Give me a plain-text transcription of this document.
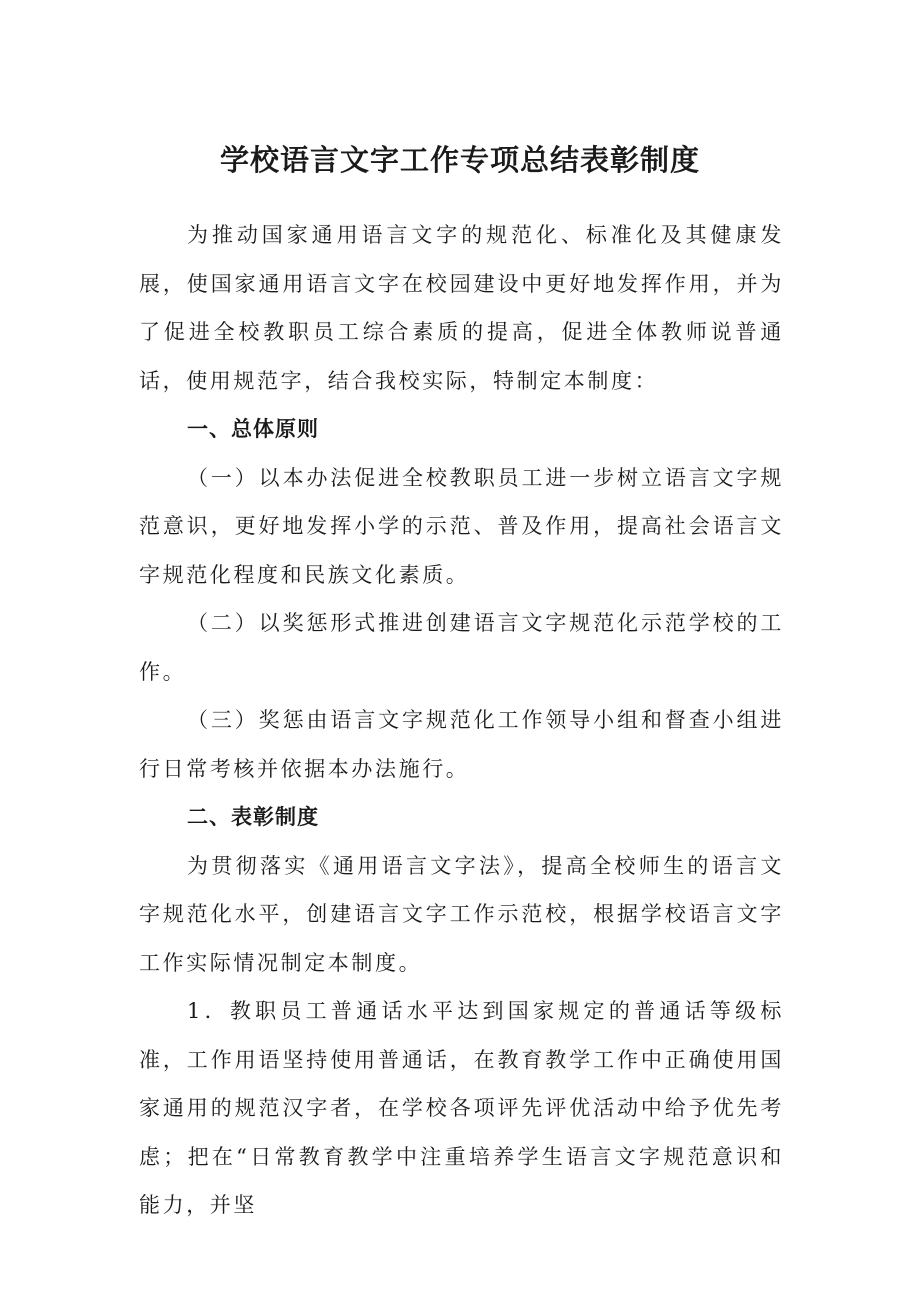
学校语言文字工作专项总结表彰制度

为推动国家通用语言文字的规范化、标准化及其健康发展，使国家通用语言文字在校园建设中更好地发挥作用，并为了促进全校教职员工综合素质的提高，促进全体教师说普通话，使用规范字，结合我校实际，特制定本制度：

一、总体原则

（一）以本办法促进全校教职员工进一步树立语言文字规范意识，更好地发挥小学的示范、普及作用，提高社会语言文字规范化程度和民族文化素质。

（二）以奖惩形式推进创建语言文字规范化示范学校的工作。

（三）奖惩由语言文字规范化工作领导小组和督查小组进行日常考核并依据本办法施行。

二、表彰制度

为贯彻落实《通用语言文字法》，提高全校师生的语言文字规范化水平，创建语言文字工作示范校，根据学校语言文字工作实际情况制定本制度。

1．教职员工普通话水平达到国家规定的普通话等级标准，工作用语坚持使用普通话，在教育教学工作中正确使用国家通用的规范汉字者，在学校各项评先评优活动中给予优先考虑；把在“日常教育教学中注重培养学生语言文字规范意识和能力，并坚
